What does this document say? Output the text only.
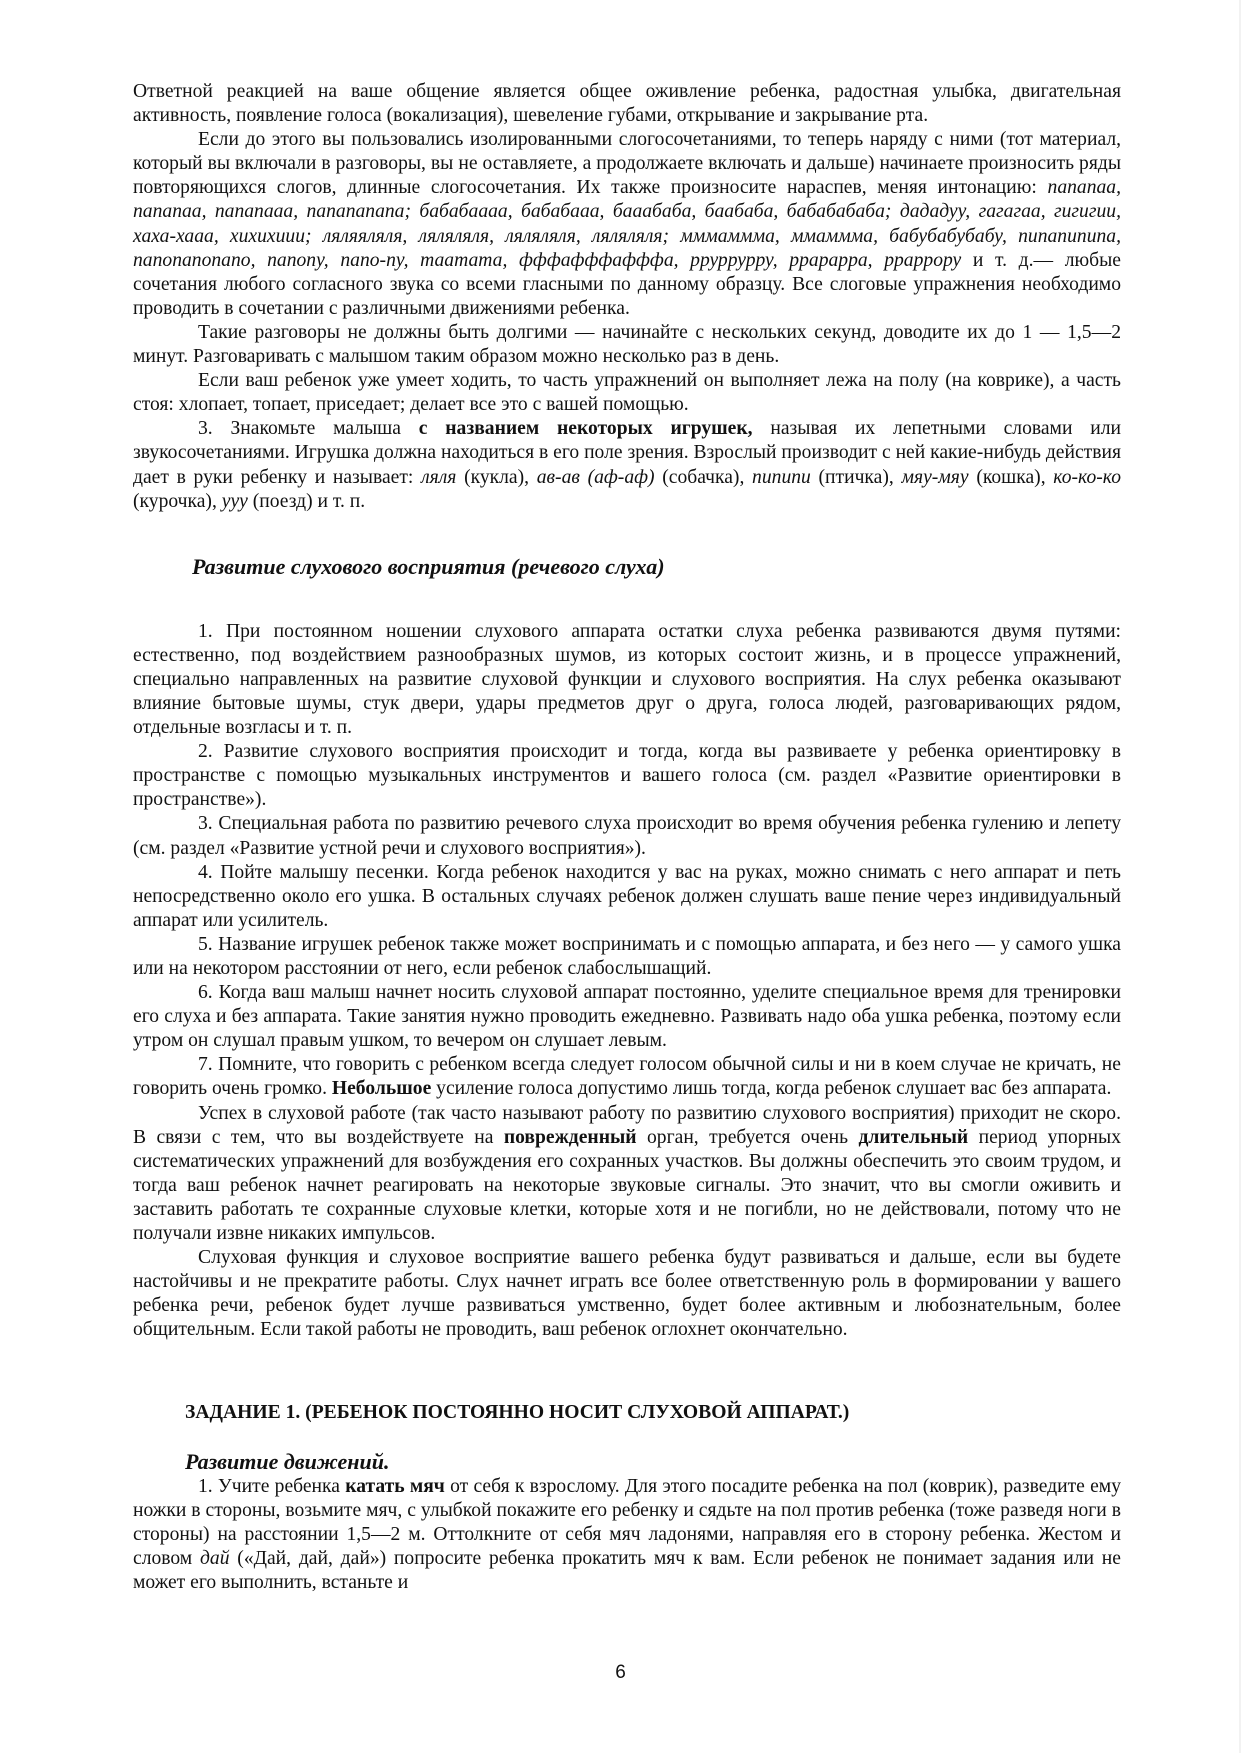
Ответной реакцией на ваше общение является общее оживление ребенка, радостная улыбка, двигательная активность, появление голоса (вокализация), шевеление губами, открывание и закрывание рта.

Если до этого вы пользовались изолированными слогосочетаниями, то теперь наряду с ними (тот материал, который вы включали в разговоры, вы не оставляете, а продолжаете включать и дальше) начинаете произносить ряды повторяющихся слогов, длинные слогосочетания. Их также произносите нараспев, меняя интонацию: папапаа, папапаа, папапааа, папапапапа; бабабаааа, бабабааа, баaабаба, баабаба, бабабабаба; дададуу, гагагаа, гигигии, хаха-хааа, хихихиии; ляляяляля, ляляляля, ляляляля, ляляляля; мммаммма, ммаммма, бабубабубабу, пипапипипа, папопапопапо, папопу, папо-пу, таатата, фффафффафффа, рруррурру, ррараррa, рраррору и т. д.— любые сочетания любого согласного звука со всеми гласными по данному образцу. Все слоговые упражнения необходимо проводить в сочетании с различными движениями ребенка.

Такие разговоры не должны быть долгими — начинайте с нескольких секунд, доводите их до 1 — 1,5—2 минут. Разговаривать с малышом таким образом можно несколько раз в день.

Если ваш ребенок уже умеет ходить, то часть упражнений он выполняет лежа на полу (на коврике), а часть стоя: хлопает, топает, приседает; делает все это с вашей помощью.

3. Знакомьте малыша с названием некоторых игрушек, называя их лепетными словами или звукосочетаниями. Игрушка должна находиться в его поле зрения. Взрослый производит с ней какие-нибудь действия дает в руки ребенку и называет: ляля (кукла), ав-ав (аф-аф) (собачка), пипипи (птичка), мяу-мяу (кошка), ко-ко-ко (курочка), ууу (поезд) и т. п.

Развитие слухового восприятия (речевого слуха)

1. При постоянном ношении слухового аппарата остатки слуха ребенка развиваются двумя путями: естественно, под воздействием разнообразных шумов, из которых состоит жизнь, и в процессе упражнений, специально направленных на развитие слуховой функции и слухового восприятия. На слух ребенка оказывают влияние бытовые шумы, стук двери, удары предметов друг о друга, голоса людей, разговаривающих рядом, отдельные возгласы и т. п.

2. Развитие слухового восприятия происходит и тогда, когда вы развиваете у ребенка ориентировку в пространстве с помощью музыкальных инструментов и вашего голоса (см. раздел «Развитие ориентировки в пространстве»).

3. Специальная работа по развитию речевого слуха происходит во время обучения ребенка гулению и лепету (см. раздел «Развитие устной речи и слухового восприятия»).

4. Пойте малышу песенки. Когда ребенок находится у вас на руках, можно снимать с него аппарат и петь непосредственно около его ушка. В остальных случаях ребенок должен слушать ваше пение через индивидуальный аппарат или усилитель.

5. Название игрушек ребенок также может воспринимать и с помощью аппарата, и без него — у самого ушка или на некотором расстоянии от него, если ребенок слабослышащий.

6. Когда ваш малыш начнет носить слуховой аппарат постоянно, уделите специальное время для тренировки его слуха и без аппарата. Такие занятия нужно проводить ежедневно. Развивать надо оба ушка ребенка, поэтому если утром он слушал правым ушком, то вечером он слушает левым.

7. Помните, что говорить с ребенком всегда следует голосом обычной силы и ни в коем случае не кричать, не говорить очень громко. Небольшое усиление голоса допустимо лишь тогда, когда ребенок слушает вас без аппарата.

Успех в слуховой работе (так часто называют работу по развитию слухового восприятия) приходит не скоро. В связи с тем, что вы воздействуете на поврежденный орган, требуется очень длительный период упорных систематических упражнений для возбуждения его сохранных участков. Вы должны обеспечить это своим трудом, и тогда ваш ребенок начнет реагировать на некоторые звуковые сигналы. Это значит, что вы смогли оживить и заставить работать те сохранные слуховые клетки, которые хотя и не погибли, но не действовали, потому что не получали извне никаких импульсов.

Слуховая функция и слуховое восприятие вашего ребенка будут развиваться и дальше, если вы будете настойчивы и не прекратите работы. Слух начнет играть все более ответственную роль в формировании у вашего ребенка речи, ребенок будет лучше развиваться умственно, будет более активным и любознательным, более общительным. Если такой работы не проводить, ваш ребенок оглохнет окончательно.

ЗАДАНИЕ 1. (РЕБЕНОК ПОСТОЯННО НОСИТ СЛУХОВОЙ АППАРАТ.)
Развитие движений.

1. Учите ребенка катать мяч от себя к взрослому. Для этого посадите ребенка на пол (коврик), разведите ему ножки в стороны, возьмите мяч, с улыбкой покажите его ребенку и сядьте на пол против ребенка (тоже разведя ноги в стороны) на расстоянии 1,5—2 м. Оттолкните от себя мяч ладонями, направляя его в сторону ребенка. Жестом и словом дай («Дай, дай, дай») попросите ребенка прокатить мяч к вам. Если ребенок не понимает задания или не может его выполнить, встаньте и

6
